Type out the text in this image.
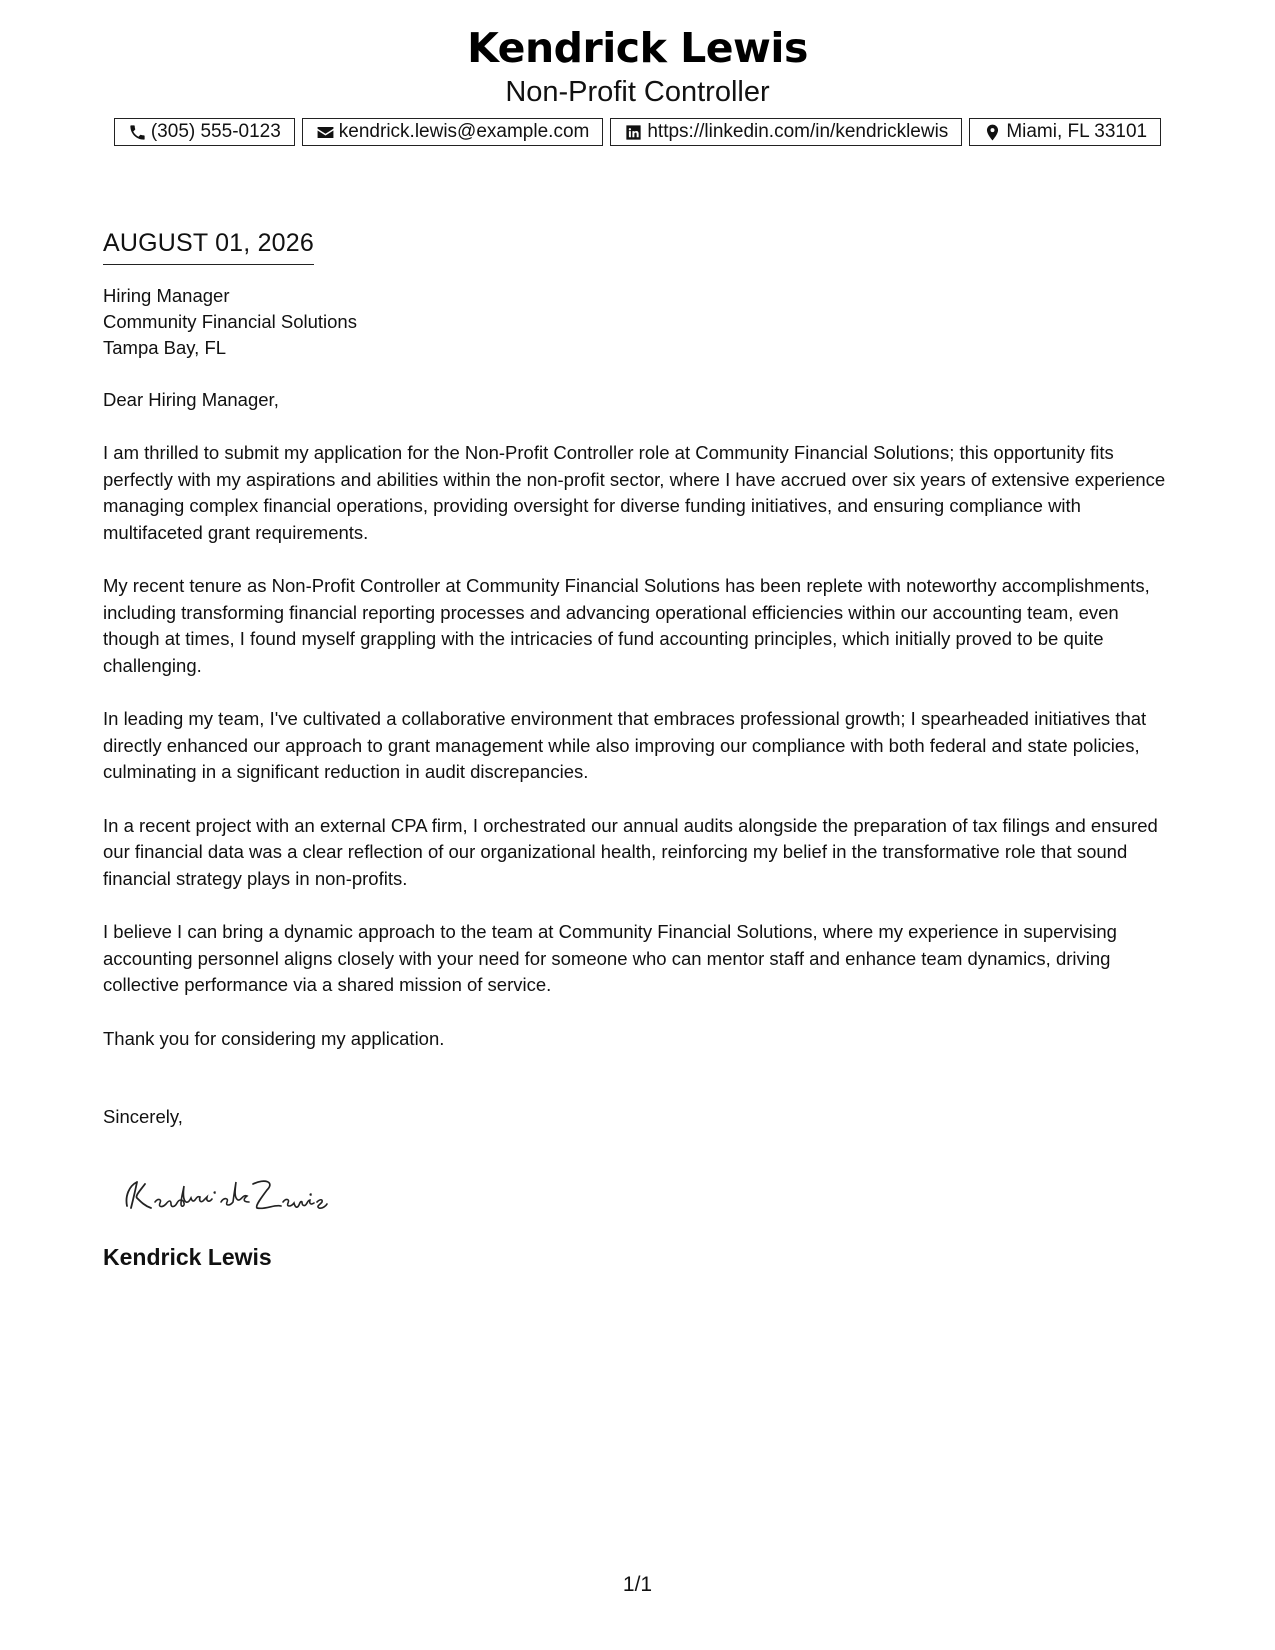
Kendrick Lewis
Non-Profit Controller
(305) 555-0123	kendrick.lewis@example.com	https://linkedin.com/in/kendricklewis	Miami, FL 33101
AUGUST 01, 2026
Hiring Manager
Community Financial Solutions
Tampa Bay, FL
Dear Hiring Manager,

I am thrilled to submit my application for the Non-Profit Controller role at Community Financial Solutions; this opportunity fits perfectly with my aspirations and abilities within the non-profit sector, where I have accrued over six years of extensive experience managing complex financial operations, providing oversight for diverse funding initiatives, and ensuring compliance with multifaceted grant requirements.

My recent tenure as Non-Profit Controller at Community Financial Solutions has been replete with noteworthy accomplishments, including transforming financial reporting processes and advancing operational efficiencies within our accounting team, even though at times, I found myself grappling with the intricacies of fund accounting principles, which initially proved to be quite challenging.

In leading my team, I've cultivated a collaborative environment that embraces professional growth; I spearheaded initiatives that directly enhanced our approach to grant management while also improving our compliance with both federal and state policies, culminating in a significant reduction in audit discrepancies.

In a recent project with an external CPA firm, I orchestrated our annual audits alongside the preparation of tax filings and ensured our financial data was a clear reflection of our organizational health, reinforcing my belief in the transformative role that sound financial strategy plays in non-profits.

I believe I can bring a dynamic approach to the team at Community Financial Solutions, where my experience in supervising accounting personnel aligns closely with your need for someone who can mentor staff and enhance team dynamics, driving collective performance via a shared mission of service.

Thank you for considering my application.

Sincerely,
Kendrick Lewis
1/1
